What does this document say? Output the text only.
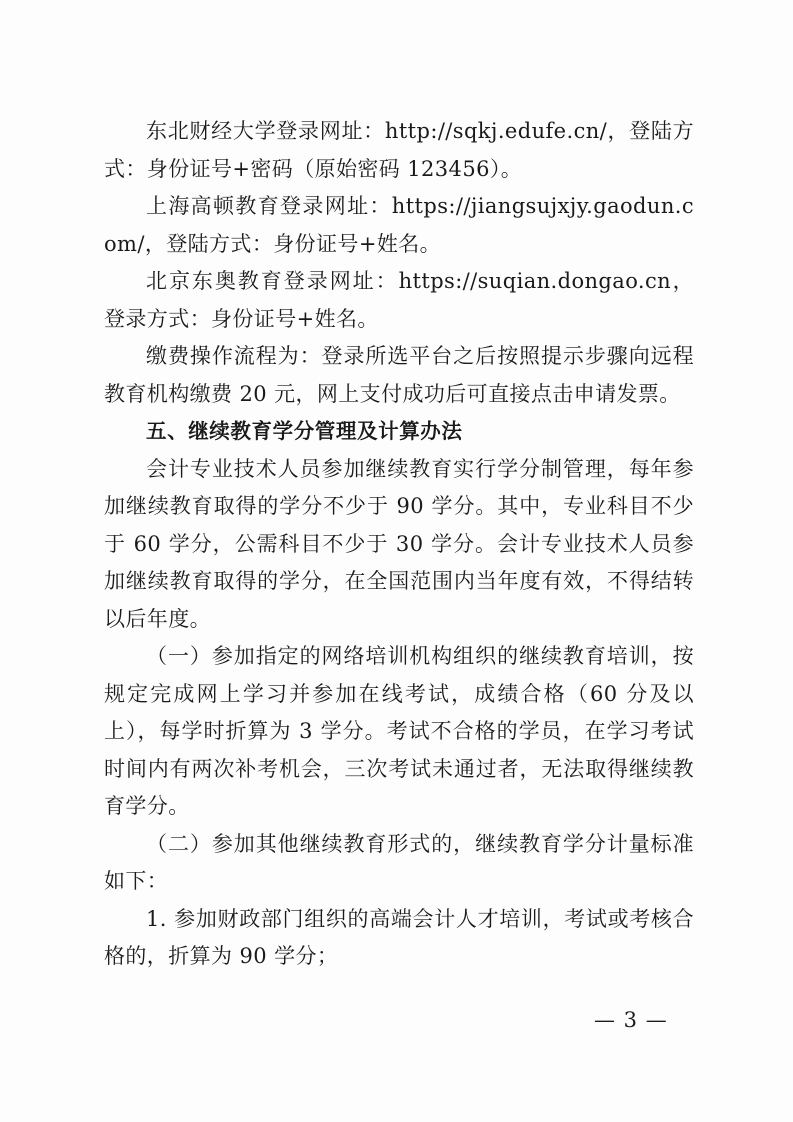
东北财经大学登录网址：http://sqkj.edufe.cn/，登陆方式：身份证号+密码（原始密码 123456）。

上海高顿教育登录网址：https://jiangsujxjy.gaodun.com/，登陆方式：身份证号+姓名。

北京东奥教育登录网址：https://suqian.dongao.cn，登录方式：身份证号+姓名。

缴费操作流程为：登录所选平台之后按照提示步骤向远程教育机构缴费 20 元，网上支付成功后可直接点击申请发票。

五、继续教育学分管理及计算办法

会计专业技术人员参加继续教育实行学分制管理，每年参加继续教育取得的学分不少于 90 学分。其中，专业科目不少于 60 学分，公需科目不少于 30 学分。会计专业技术人员参加继续教育取得的学分，在全国范围内当年度有效，不得结转以后年度。

（一）参加指定的网络培训机构组织的继续教育培训，按规定完成网上学习并参加在线考试，成绩合格（60 分及以上），每学时折算为 3 学分。考试不合格的学员，在学习考试时间内有两次补考机会，三次考试未通过者，无法取得继续教育学分。

（二）参加其他继续教育形式的，继续教育学分计量标准如下：

1. 参加财政部门组织的高端会计人才培训，考试或考核合格的，折算为 90 学分；

— 3 —
